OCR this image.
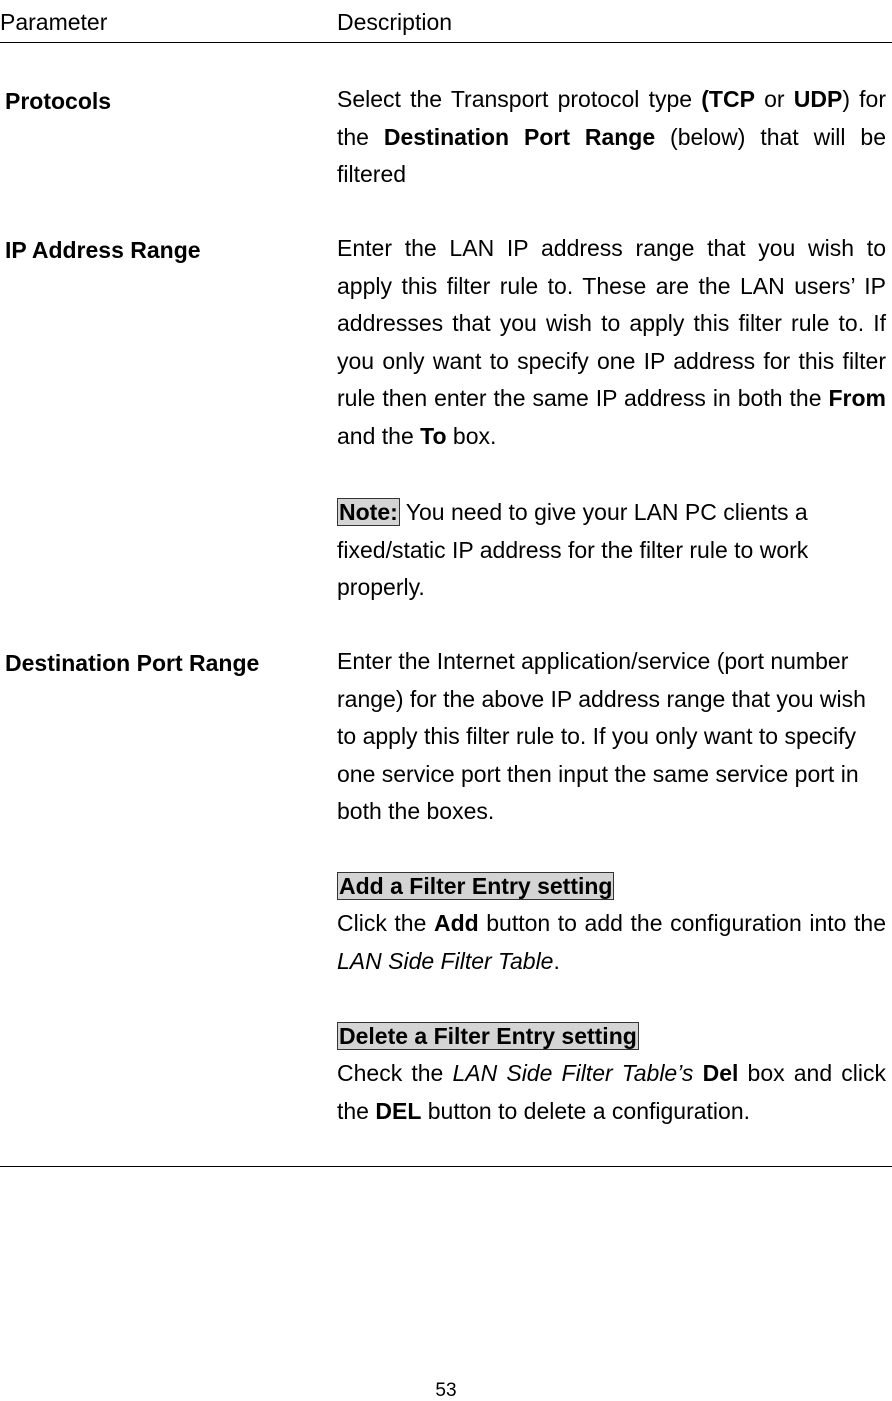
Parameter	Description
Protocols	Select the Transport protocol type (TCP or UDP) for the Destination Port Range (below) that will be filtered
IP Address Range	Enter the LAN IP address range that you wish to apply this filter rule to. These are the LAN users’ IP addresses that you wish to apply this filter rule to. If you only want to specify one IP address for this filter rule then enter the same IP address in both the From and the To box.
Note: You need to give your LAN PC clients a fixed/static IP address for the filter rule to work properly.
Destination Port Range	Enter the Internet application/service (port number range) for the above IP address range that you wish to apply this filter rule to. If you only want to specify one service port then input the same service port in both the boxes.
Add a Filter Entry setting
Click the Add button to add the configuration into the LAN Side Filter Table.
Delete a Filter Entry setting
Check the LAN Side Filter Table’s Del box and click the DEL button to delete a configuration.
53
